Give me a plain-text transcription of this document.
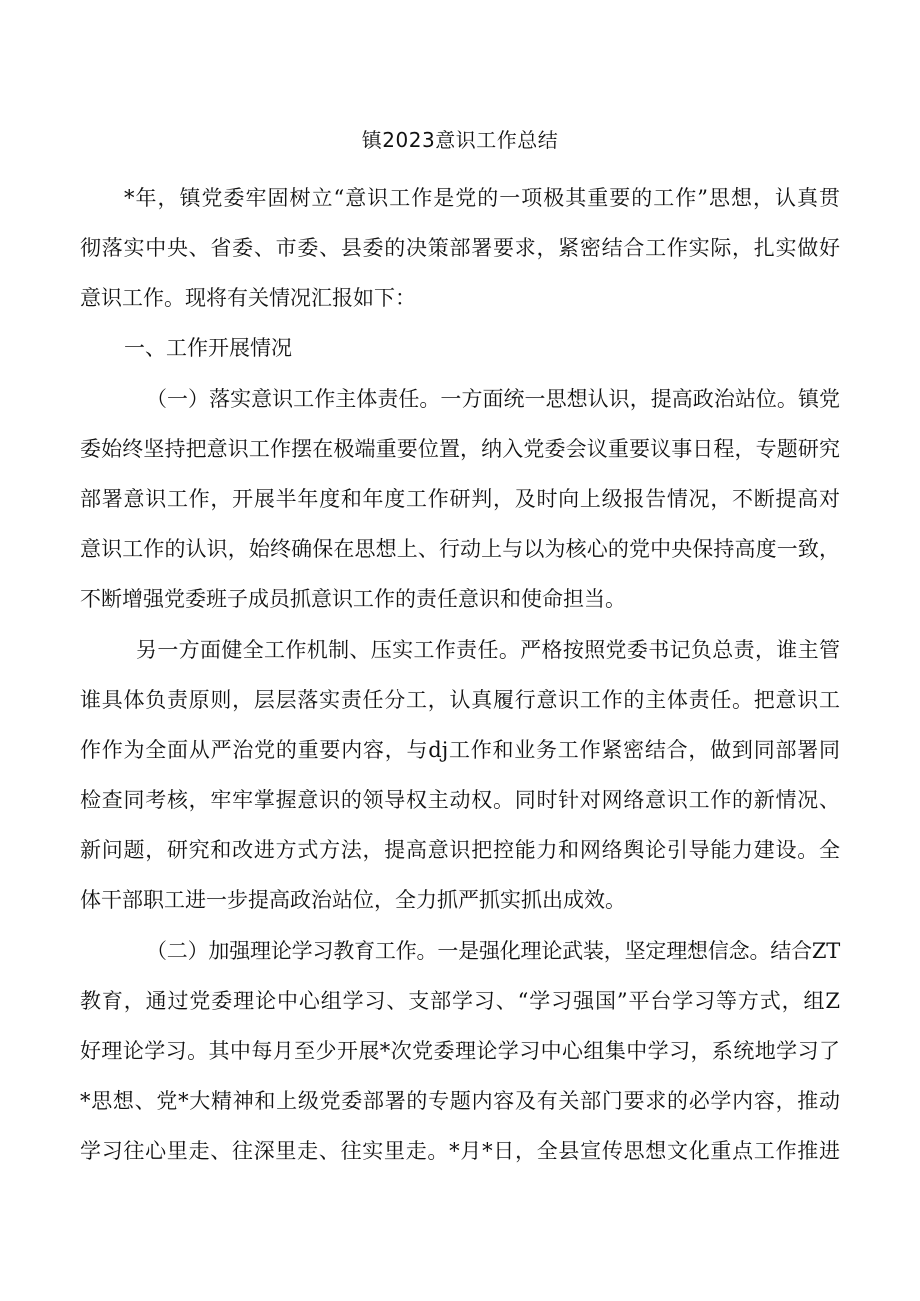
镇2023意识工作总结
*年，镇党委牢固树立“意识工作是党的一项极其重要的工作”思想，认真贯
彻落实中央、省委、市委、县委的决策部署要求，紧密结合工作实际，扎实做好
意识工作。现将有关情况汇报如下：
一、工作开展情况
（一）落实意识工作主体责任。一方面统一思想认识，提高政治站位。镇党
委始终坚持把意识工作摆在极端重要位置，纳入党委会议重要议事日程，专题研究
部署意识工作，开展半年度和年度工作研判，及时向上级报告情况，不断提高对
意识工作的认识，始终确保在思想上、行动上与以为核心的党中央保持高度一致，
不断增强党委班子成员抓意识工作的责任意识和使命担当。
另一方面健全工作机制、压实工作责任。严格按照党委书记负总责，谁主管
谁具体负责原则，层层落实责任分工，认真履行意识工作的主体责任。把意识工
作作为全面从严治党的重要内容，与dj工作和业务工作紧密结合，做到同部署同
检查同考核，牢牢掌握意识的领导权主动权。同时针对网络意识工作的新情况、
新问题，研究和改进方式方法，提高意识把控能力和网络舆论引导能力建设。全
体干部职工进一步提高政治站位，全力抓严抓实抓出成效。
（二）加强理论学习教育工作。一是强化理论武装，坚定理想信念。结合ZT
教育，通过党委理论中心组学习、支部学习、“学习强国”平台学习等方式，组Z
好理论学习。其中每月至少开展*次党委理论学习中心组集中学习，系统地学习了
*思想、党*大精神和上级党委部署的专题内容及有关部门要求的必学内容，推动
学习往心里走、往深里走、往实里走。*月*日，全县宣传思想文化重点工作推进
